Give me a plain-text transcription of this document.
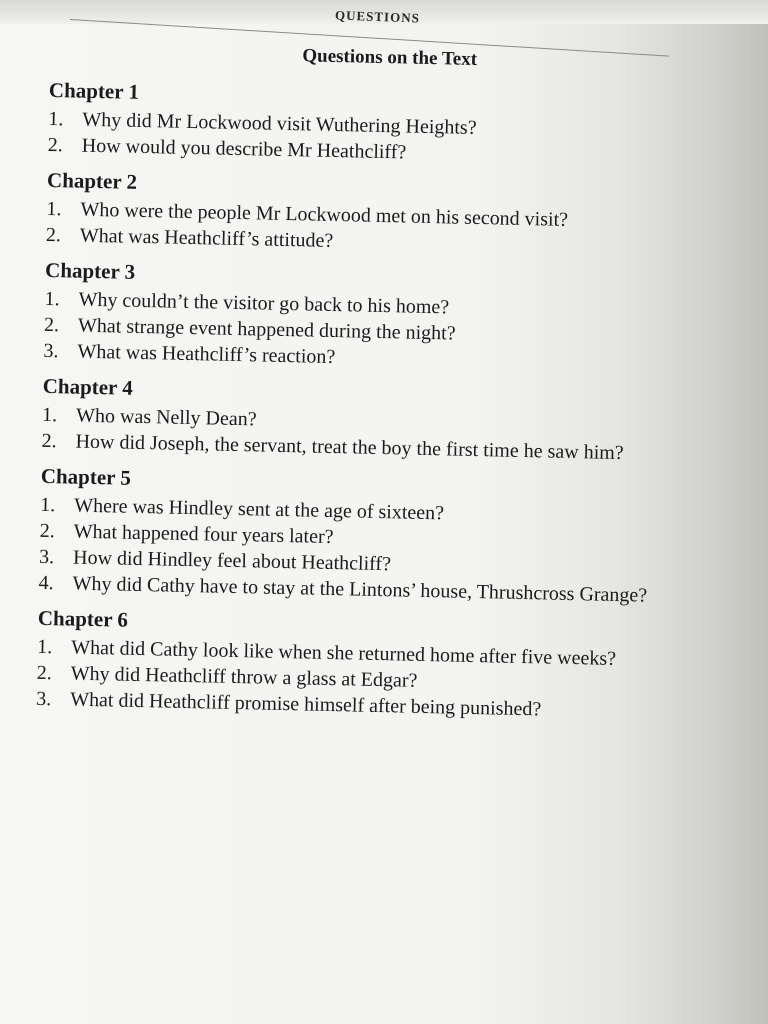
QUESTIONS
Questions on the Text
Chapter 1
1. Why did Mr Lockwood visit Wuthering Heights?
2. How would you describe Mr Heathcliff?
Chapter 2
1. Who were the people Mr Lockwood met on his second visit?
2. What was Heathcliff’s attitude?
Chapter 3
1. Why couldn’t the visitor go back to his home?
2. What strange event happened during the night?
3. What was Heathcliff’s reaction?
Chapter 4
1. Who was Nelly Dean?
2. How did Joseph, the servant, treat the boy the first time he saw him?
Chapter 5
1. Where was Hindley sent at the age of sixteen?
2. What happened four years later?
3. How did Hindley feel about Heathcliff?
4. Why did Cathy have to stay at the Lintons’ house, Thrushcross Grange?
Chapter 6
1. What did Cathy look like when she returned home after five weeks?
2. Why did Heathcliff throw a glass at Edgar?
3. What did Heathcliff promise himself after being punished?
